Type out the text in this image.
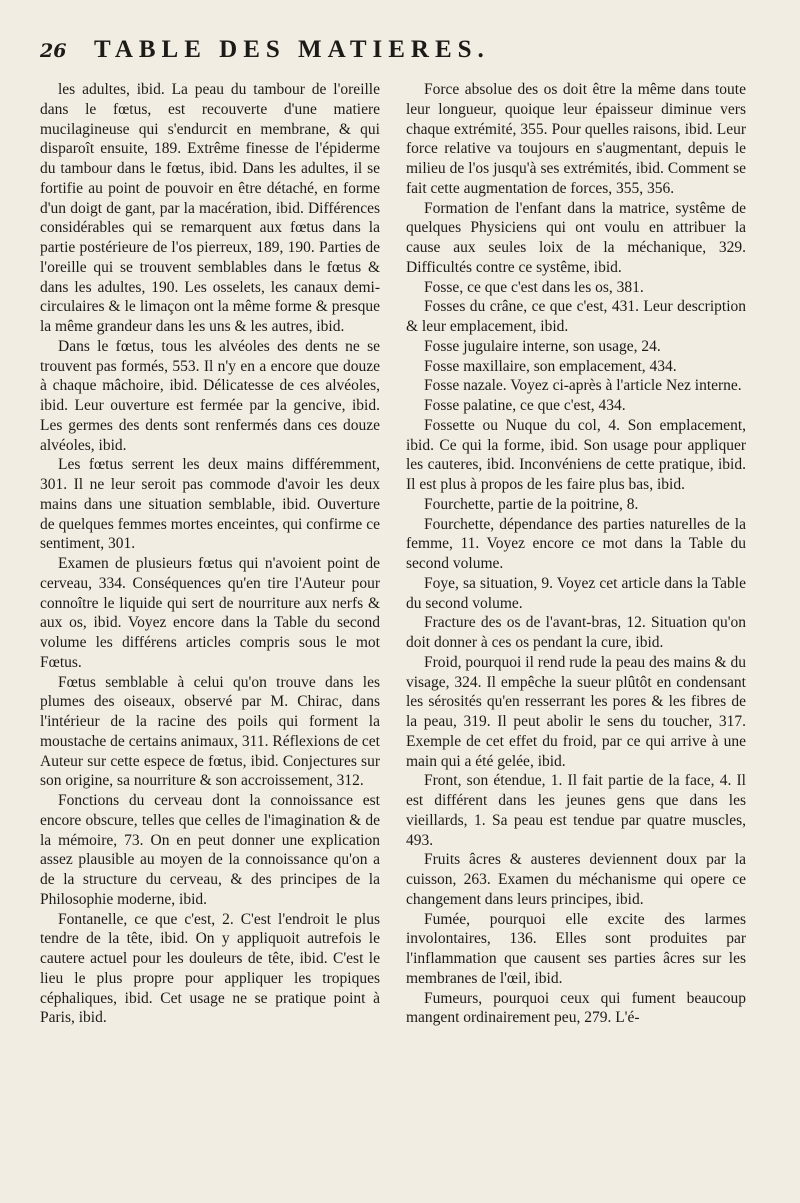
26 TABLE DES MATIERES.

les adultes, ibid. La peau du tambour de l'oreille dans le fœtus, est recouverte d'une matiere mucilagineuse qui s'endurcit en membrane, & qui disparoît ensuite, 189. Extrême finesse de l'épiderme du tambour dans le fœtus, ibid. Dans les adultes, il se fortifie au point de pouvoir en être détaché, en forme d'un doigt de gant, par la macération, ibid. Différences considérables qui se remarquent aux fœtus dans la partie postérieure de l'os pierreux, 189, 190. Parties de l'oreille qui se trouvent semblables dans le fœtus & dans les adultes, 190. Les osselets, les canaux demi-circulaires & le limaçon ont la même forme & presque la même grandeur dans les uns & les autres, ibid.

Dans le fœtus, tous les alvéoles des dents ne se trouvent pas formés, 553. Il n'y en a encore que douze à chaque mâchoire, ibid. Délicatesse de ces alvéoles, ibid. Leur ouverture est fermée par la gencive, ibid. Les germes des dents sont renfermés dans ces douze alvéoles, ibid.

Les fœtus serrent les deux mains différemment, 301. Il ne leur seroit pas commode d'avoir les deux mains dans une situation semblable, ibid. Ouverture de quelques femmes mortes enceintes, qui confirme ce sentiment, 301.

Examen de plusieurs fœtus qui n'avoient point de cerveau, 334. Conséquences qu'en tire l'Auteur pour connoître le liquide qui sert de nourriture aux nerfs & aux os, ibid. Voyez encore dans la Table du second volume les différens articles compris sous le mot Fœtus.

Fœtus semblable à celui qu'on trouve dans les plumes des oiseaux, observé par M. Chirac, dans l'intérieur de la racine des poils qui forment la moustache de certains animaux, 311. Réflexions de cet Auteur sur cette espece de fœtus, ibid. Conjectures sur son origine, sa nourriture & son accroissement, 312.

Fonctions du cerveau dont la connoissance est encore obscure, telles que celles de l'imagination & de la mémoire, 73. On en peut donner une explication assez plausible au moyen de la connoissance qu'on a de la structure du cerveau, & des principes de la Philosophie moderne, ibid.

Fontanelle, ce que c'est, 2. C'est l'endroit le plus tendre de la tête, ibid. On y appliquoit autrefois le cautere actuel pour les douleurs de tête, ibid. C'est le lieu le plus propre pour appliquer les tropiques céphaliques, ibid. Cet usage ne se pratique point à Paris, ibid.

Force absolue des os doit être la même dans toute leur longueur, quoique leur épaisseur diminue vers chaque extrémité, 355. Pour quelles raisons, ibid. Leur force relative va toujours en s'augmentant, depuis le milieu de l'os jusqu'à ses extrémités, ibid. Comment se fait cette augmentation de forces, 355, 356.

Formation de l'enfant dans la matrice, systême de quelques Physiciens qui ont voulu en attribuer la cause aux seules loix de la méchanique, 329. Difficultés contre ce systême, ibid.

Fosse, ce que c'est dans les os, 381.

Fosses du crâne, ce que c'est, 431. Leur description & leur emplacement, ibid.

Fosse jugulaire interne, son usage, 24.

Fosse maxillaire, son emplacement, 434.

Fosse nazale. Voyez ci-après à l'article Nez interne.

Fosse palatine, ce que c'est, 434.

Fossette ou Nuque du col, 4. Son emplacement, ibid. Ce qui la forme, ibid. Son usage pour appliquer les cauteres, ibid. Inconvéniens de cette pratique, ibid. Il est plus à propos de les faire plus bas, ibid.

Fourchette, partie de la poitrine, 8.

Fourchette, dépendance des parties naturelles de la femme, 11. Voyez encore ce mot dans la Table du second volume.

Foye, sa situation, 9. Voyez cet article dans la Table du second volume.

Fracture des os de l'avant-bras, 12. Situation qu'on doit donner à ces os pendant la cure, ibid.

Froid, pourquoi il rend rude la peau des mains & du visage, 324. Il empêche la sueur plûtôt en condensant les sérosités qu'en resserrant les pores & les fibres de la peau, 319. Il peut abolir le sens du toucher, 317. Exemple de cet effet du froid, par ce qui arrive à une main qui a été gelée, ibid.

Front, son étendue, 1. Il fait partie de la face, 4. Il est différent dans les jeunes gens que dans les vieillards, 1. Sa peau est tendue par quatre muscles, 493.

Fruits âcres & austeres deviennent doux par la cuisson, 263. Examen du méchanisme qui opere ce changement dans leurs principes, ibid.

Fumée, pourquoi elle excite des larmes involontaires, 136. Elles sont produites par l'inflammation que causent ses parties âcres sur les membranes de l'œil, ibid.

Fumeurs, pourquoi ceux qui fument beaucoup mangent ordinairement peu, 279. L'é-
